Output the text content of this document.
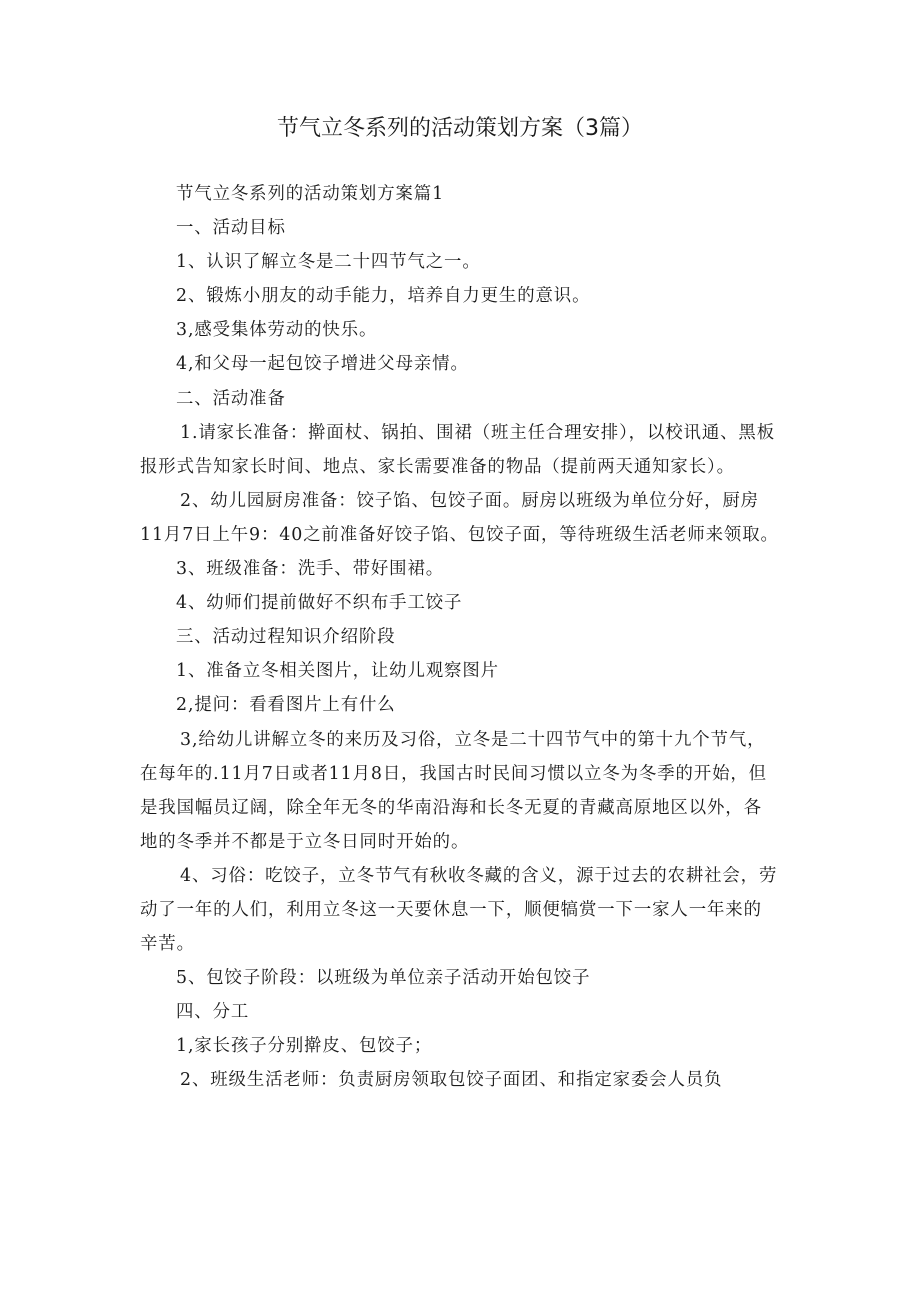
节气立冬系列的活动策划方案（3篇）

节气立冬系列的活动策划方案篇1

一、活动目标

1、认识了解立冬是二十四节气之一。

2、锻炼小朋友的动手能力，培养自力更生的意识。

3,感受集体劳动的快乐。

4,和父母一起包饺子增进父母亲情。

二、活动准备

1.请家长准备：擀面杖、锅拍、围裙（班主任合理安排），以校讯通、黑板报形式告知家长时间、地点、家长需要准备的物品（提前两天通知家长）。

2、幼儿园厨房准备：饺子馅、包饺子面。厨房以班级为单位分好，厨房11月7日上午9：40之前准备好饺子馅、包饺子面，等待班级生活老师来领取。

3、班级准备：洗手、带好围裙。

4、幼师们提前做好不织布手工饺子

三、活动过程知识介绍阶段

1、准备立冬相关图片，让幼儿观察图片

2,提问：看看图片上有什么

3,给幼儿讲解立冬的来历及习俗，立冬是二十四节气中的第十九个节气，在每年的.11月7日或者11月8日，我国古时民间习惯以立冬为冬季的开始，但是我国幅员辽阔，除全年无冬的华南沿海和长冬无夏的青藏高原地区以外，各地的冬季并不都是于立冬日同时开始的。

4、习俗：吃饺子，立冬节气有秋收冬藏的含义，源于过去的农耕社会，劳动了一年的人们，利用立冬这一天要休息一下，顺便犒赏一下一家人一年来的辛苦。

5、包饺子阶段：以班级为单位亲子活动开始包饺子

四、分工

1,家长孩子分别擀皮、包饺子；

2、班级生活老师：负责厨房领取包饺子面团、和指定家委会人员负
